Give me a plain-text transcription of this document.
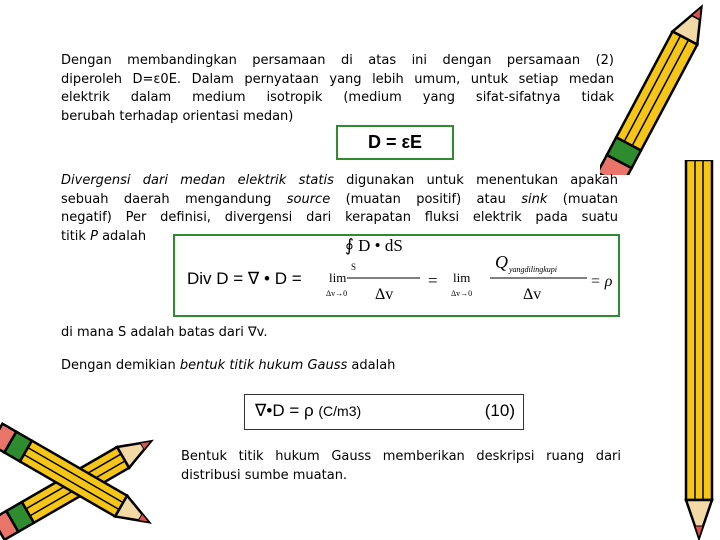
Dengan membandingkan persamaan di atas ini dengan persamaan (2)
diperoleh D=ε0E. Dalam pernyataan yang lebih umum, untuk setiap medan
elektrik dalam medium isotropik (medium yang sifat-sifatnya tidak
berubah terhadap orientasi medan)
D = εE
Divergensi dari medan elektrik statis digunakan untuk menentukan apakah
sebuah daerah mengandung source (muatan positif) atau sink (muatan
negatif) Per definisi, divergensi dari kerapatan fluksi elektrik pada suatu
titik P adalah
Div D = ∇ • D =
∮ D • dS
S
lim
Δv→0 Δv
= lim
Δv→0
Q yangdilingkupi
Δv
= ρ
di mana S adalah batas dari ∇v.
Dengan demikian bentuk titik hukum Gauss adalah
∇•D = ρ (C/m3)	(10)
Bentuk titik hukum Gauss memberikan deskripsi ruang dari
distribusi sumbe muatan.
